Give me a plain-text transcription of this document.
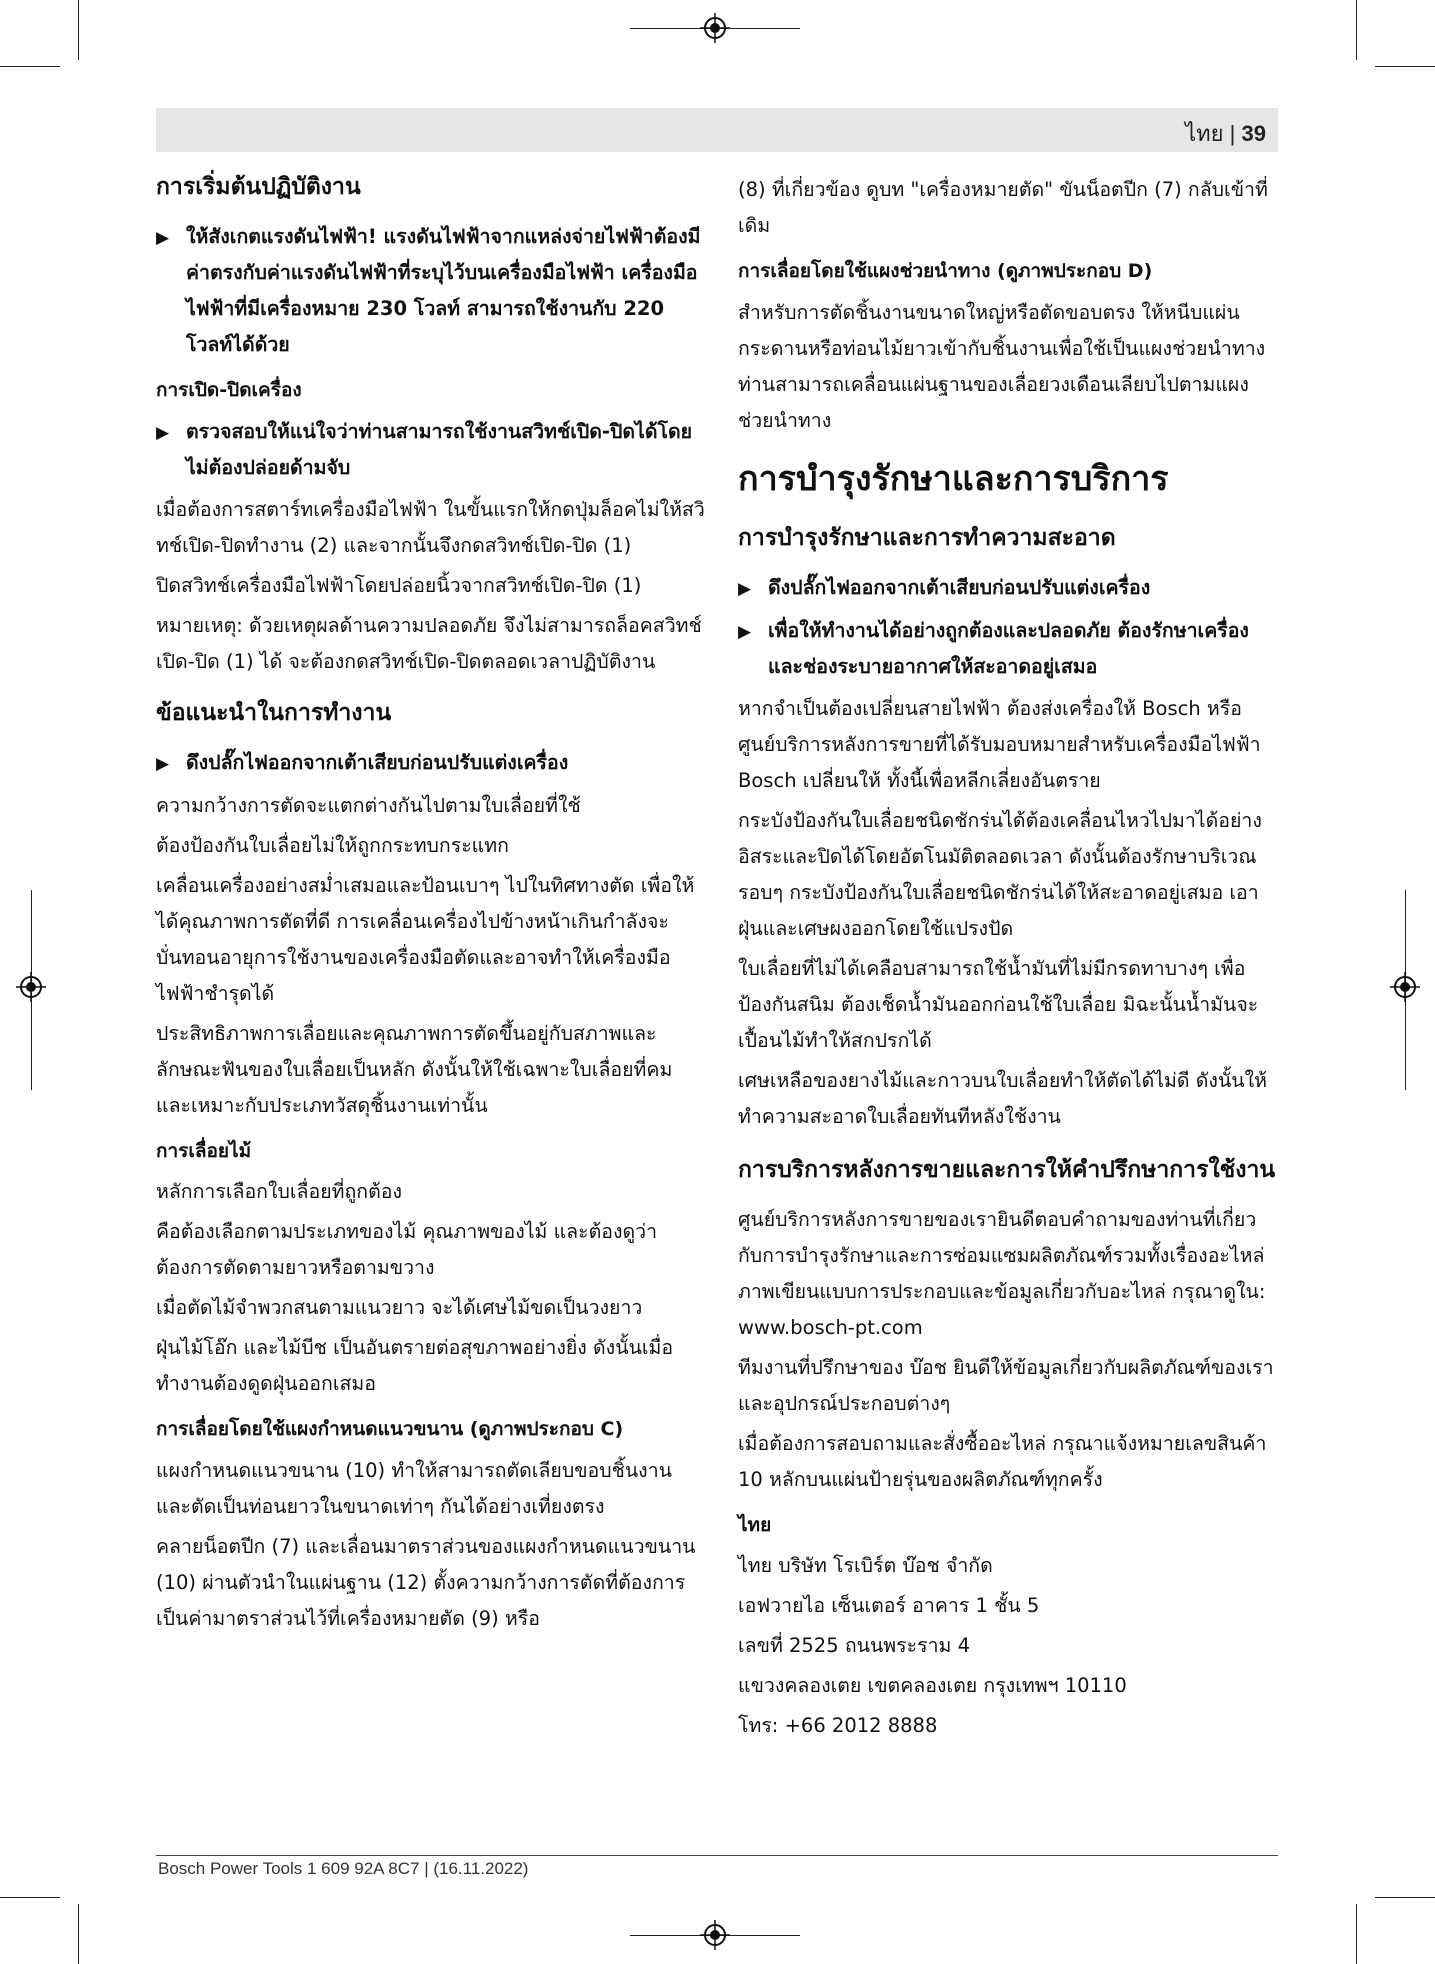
ไทย | 39
การเริ่มต้นปฏิบัติงาน
▶ ให้สังเกตแรงดันไฟฟ้า! แรงดันไฟฟ้าจากแหล่งจ่ายไฟฟ้าต้องมีค่าตรงกับค่าแรงดันไฟฟ้าที่ระบุไว้บนเครื่องมือไฟฟ้า เครื่องมือไฟฟ้าที่มีเครื่องหมาย 230 โวลท์ สามารถใช้งานกับ 220 โวลท์ได้ด้วย
การเปิด-ปิดเครื่อง
▶ ตรวจสอบให้แน่ใจว่าท่านสามารถใช้งานสวิทช์เปิด-ปิดได้โดยไม่ต้องปล่อยด้ามจับ
เมื่อต้องการสตาร์ทเครื่องมือไฟฟ้า ในขั้นแรกให้กดปุ่มล็อคไม่ให้สวิทช์เปิด-ปิดทำงาน (2) และจากนั้นจึงกดสวิทช์เปิด-ปิด (1)
ปิดสวิทช์เครื่องมือไฟฟ้าโดยปล่อยนิ้วจากสวิทช์เปิด-ปิด (1)
หมายเหตุ: ด้วยเหตุผลด้านความปลอดภัย จึงไม่สามารถล็อคสวิทช์เปิด-ปิด (1) ได้ จะต้องกดสวิทช์เปิด-ปิดตลอดเวลาปฏิบัติงาน
ข้อแนะนำในการทำงาน
▶ ดึงปลั๊กไฟออกจากเต้าเสียบก่อนปรับแต่งเครื่อง
ความกว้างการตัดจะแตกต่างกันไปตามใบเลื่อยที่ใช้
ต้องป้องกันใบเลื่อยไม่ให้ถูกกระทบกระแทก
เคลื่อนเครื่องอย่างสม่ำเสมอและป้อนเบาๆ ไปในทิศทางตัด เพื่อให้ได้คุณภาพการตัดที่ดี การเคลื่อนเครื่องไปข้างหน้าเกินกำลังจะบั่นทอนอายุการใช้งานของเครื่องมือตัดและอาจทำให้เครื่องมือไฟฟ้าชำรุดได้
ประสิทธิภาพการเลื่อยและคุณภาพการตัดขึ้นอยู่กับสภาพและลักษณะฟันของใบเลื่อยเป็นหลัก ดังนั้นให้ใช้เฉพาะใบเลื่อยที่คมและเหมาะกับประเภทวัสดุชิ้นงานเท่านั้น
การเลื่อยไม้
หลักการเลือกใบเลื่อยที่ถูกต้อง
คือต้องเลือกตามประเภทของไม้ คุณภาพของไม้ และต้องดูว่าต้องการตัดตามยาวหรือตามขวาง
เมื่อตัดไม้จำพวกสนตามแนวยาว จะได้เศษไม้ขดเป็นวงยาว
ฝุ่นไม้โอ๊ก และไม้บีช เป็นอันตรายต่อสุขภาพอย่างยิ่ง ดังนั้นเมื่อทำงานต้องดูดฝุ่นออกเสมอ
การเลื่อยโดยใช้แผงกำหนดแนวขนาน (ดูภาพประกอบ C)
แผงกำหนดแนวขนาน (10) ทำให้สามารถตัดเลียบขอบชิ้นงาน และตัดเป็นท่อนยาวในขนาดเท่าๆ กันได้อย่างเที่ยงตรง
คลายน็อตปีก (7) และเลื่อนมาตราส่วนของแผงกำหนดแนวขนาน (10) ผ่านตัวนำในแผ่นฐาน (12) ตั้งความกว้างการตัดที่ต้องการเป็นค่ามาตราส่วนไว้ที่เครื่องหมายตัด (9) หรือ
(8) ที่เกี่ยวข้อง ดูบท "เครื่องหมายตัด" ขันน็อตปีก (7) กลับเข้าที่เดิม
การเลื่อยโดยใช้แผงช่วยนำทาง (ดูภาพประกอบ D)
สำหรับการตัดชิ้นงานขนาดใหญ่หรือตัดขอบตรง ให้หนีบแผ่นกระดานหรือท่อนไม้ยาวเข้ากับชิ้นงานเพื่อใช้เป็นแผงช่วยนำทาง ท่านสามารถเคลื่อนแผ่นฐานของเลื่อยวงเดือนเลียบไปตามแผงช่วยนำทาง
การบำรุงรักษาและการบริการ
การบำรุงรักษาและการทำความสะอาด
▶ ดึงปลั๊กไฟออกจากเต้าเสียบก่อนปรับแต่งเครื่อง
▶ เพื่อให้ทำงานได้อย่างถูกต้องและปลอดภัย ต้องรักษาเครื่องและช่องระบายอากาศให้สะอาดอยู่เสมอ
หากจำเป็นต้องเปลี่ยนสายไฟฟ้า ต้องส่งเครื่องให้ Bosch หรือศูนย์บริการหลังการขายที่ได้รับมอบหมายสำหรับเครื่องมือไฟฟ้า Bosch เปลี่ยนให้ ทั้งนี้เพื่อหลีกเลี่ยงอันตราย
กระบังป้องกันใบเลื่อยชนิดชักร่นได้ต้องเคลื่อนไหวไปมาได้อย่างอิสระและปิดได้โดยอัตโนมัติตลอดเวลา ดังนั้นต้องรักษาบริเวณรอบๆ กระบังป้องกันใบเลื่อยชนิดชักร่นได้ให้สะอาดอยู่เสมอ เอาฝุ่นและเศษผงออกโดยใช้แปรงปัด
ใบเลื่อยที่ไม่ได้เคลือบสามารถใช้น้ำมันที่ไม่มีกรดทาบางๆ เพื่อป้องกันสนิม ต้องเช็ดน้ำมันออกก่อนใช้ใบเลื่อย มิฉะนั้นน้ำมันจะเปื้อนไม้ทำให้สกปรกได้
เศษเหลือของยางไม้และกาวบนใบเลื่อยทำให้ตัดได้ไม่ดี ดังนั้นให้ทำความสะอาดใบเลื่อยทันทีหลังใช้งาน
การบริการหลังการขายและการให้คำปรึกษาการใช้งาน
ศูนย์บริการหลังการขายของเรายินดีตอบคำถามของท่านที่เกี่ยวกับการบำรุงรักษาและการซ่อมแซมผลิตภัณฑ์รวมทั้งเรื่องอะไหล่ ภาพเขียนแบบการประกอบและข้อมูลเกี่ยวกับอะไหล่ กรุณาดูใน: www.bosch-pt.com
ทีมงานที่ปรึกษาของ บ๊อช ยินดีให้ข้อมูลเกี่ยวกับผลิตภัณฑ์ของเราและอุปกรณ์ประกอบต่างๆ
เมื่อต้องการสอบถามและสั่งซื้ออะไหล่ กรุณาแจ้งหมายเลขสินค้า 10 หลักบนแผ่นป้ายรุ่นของผลิตภัณฑ์ทุกครั้ง
ไทย
ไทย บริษัท โรเบิร์ต บ๊อช จำกัด
เอฟวายไอ เซ็นเตอร์ อาคาร 1 ชั้น 5
เลขที่ 2525 ถนนพระราม 4
แขวงคลองเตย เขตคลองเตย กรุงเทพฯ 10110
โทร: +66 2012 8888
Bosch Power Tools 1 609 92A 8C7 | (16.11.2022)
